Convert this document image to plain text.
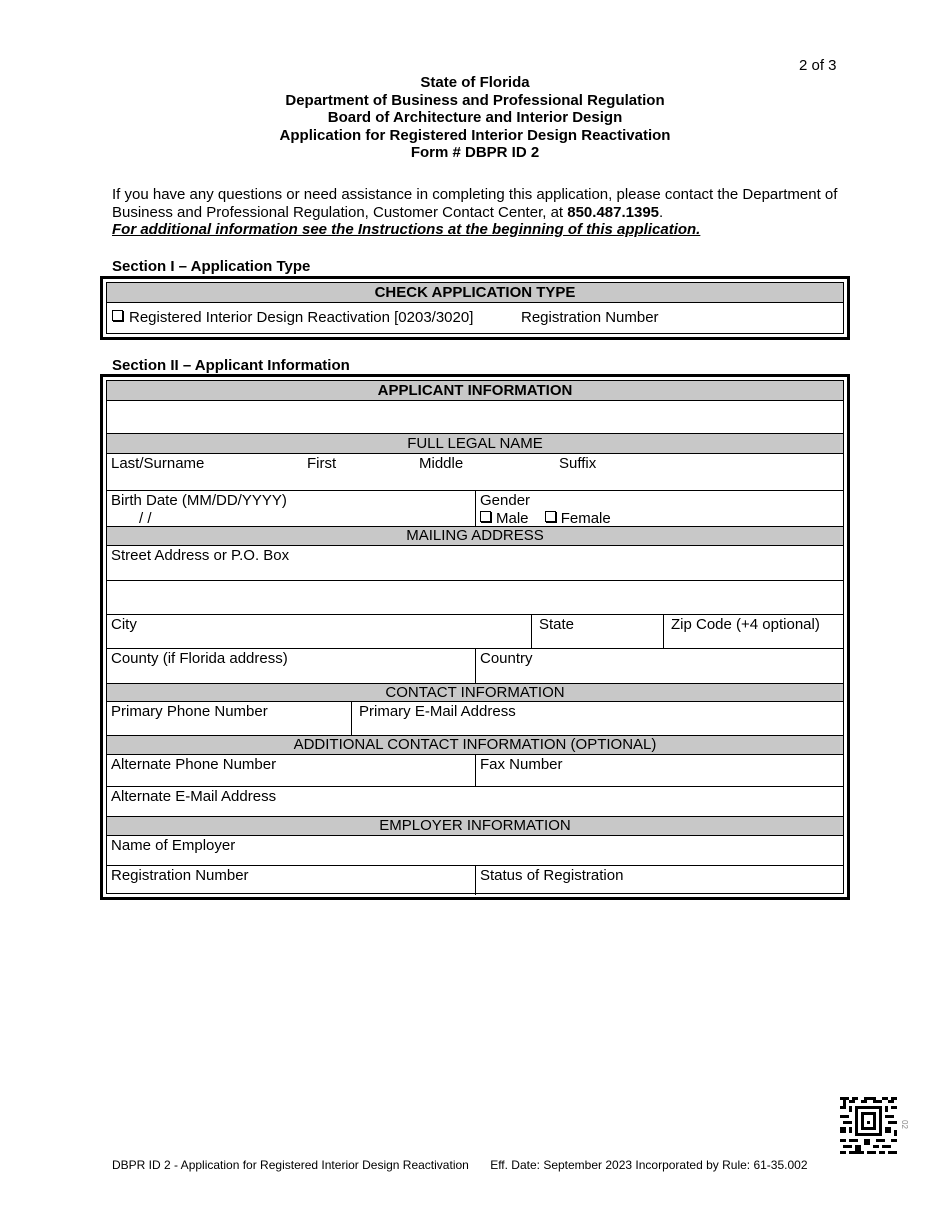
2 of 3
State of Florida
Department of Business and Professional Regulation
Board of Architecture and Interior Design
Application for Registered Interior Design Reactivation
Form # DBPR ID 2
If you have any questions or need assistance in completing this application, please contact the Department of Business and Professional Regulation, Customer Contact Center, at 850.487.1395.
For additional information see the Instructions at the beginning of this application.
Section I – Application Type
CHECK APPLICATION TYPE
Registered Interior Design Reactivation [0203/3020]	Registration Number
Section II – Applicant Information
APPLICANT INFORMATION
FULL LEGAL NAME
Last/Surname	First	Middle	Suffix
Birth Date (MM/DD/YYYY)
/ /
Gender
Male Female
MAILING ADDRESS
Street Address or P.O. Box
City	State	Zip Code (+4 optional)
County (if Florida address)	Country
CONTACT INFORMATION
Primary Phone Number	Primary E-Mail Address
ADDITIONAL CONTACT INFORMATION (OPTIONAL)
Alternate Phone Number	Fax Number
Alternate E-Mail Address
EMPLOYER INFORMATION
Name of Employer
Registration Number	Status of Registration
02
DBPR ID 2 - Application for Registered Interior Design Reactivation Eff. Date: September 2023 Incorporated by Rule: 61-35.002
